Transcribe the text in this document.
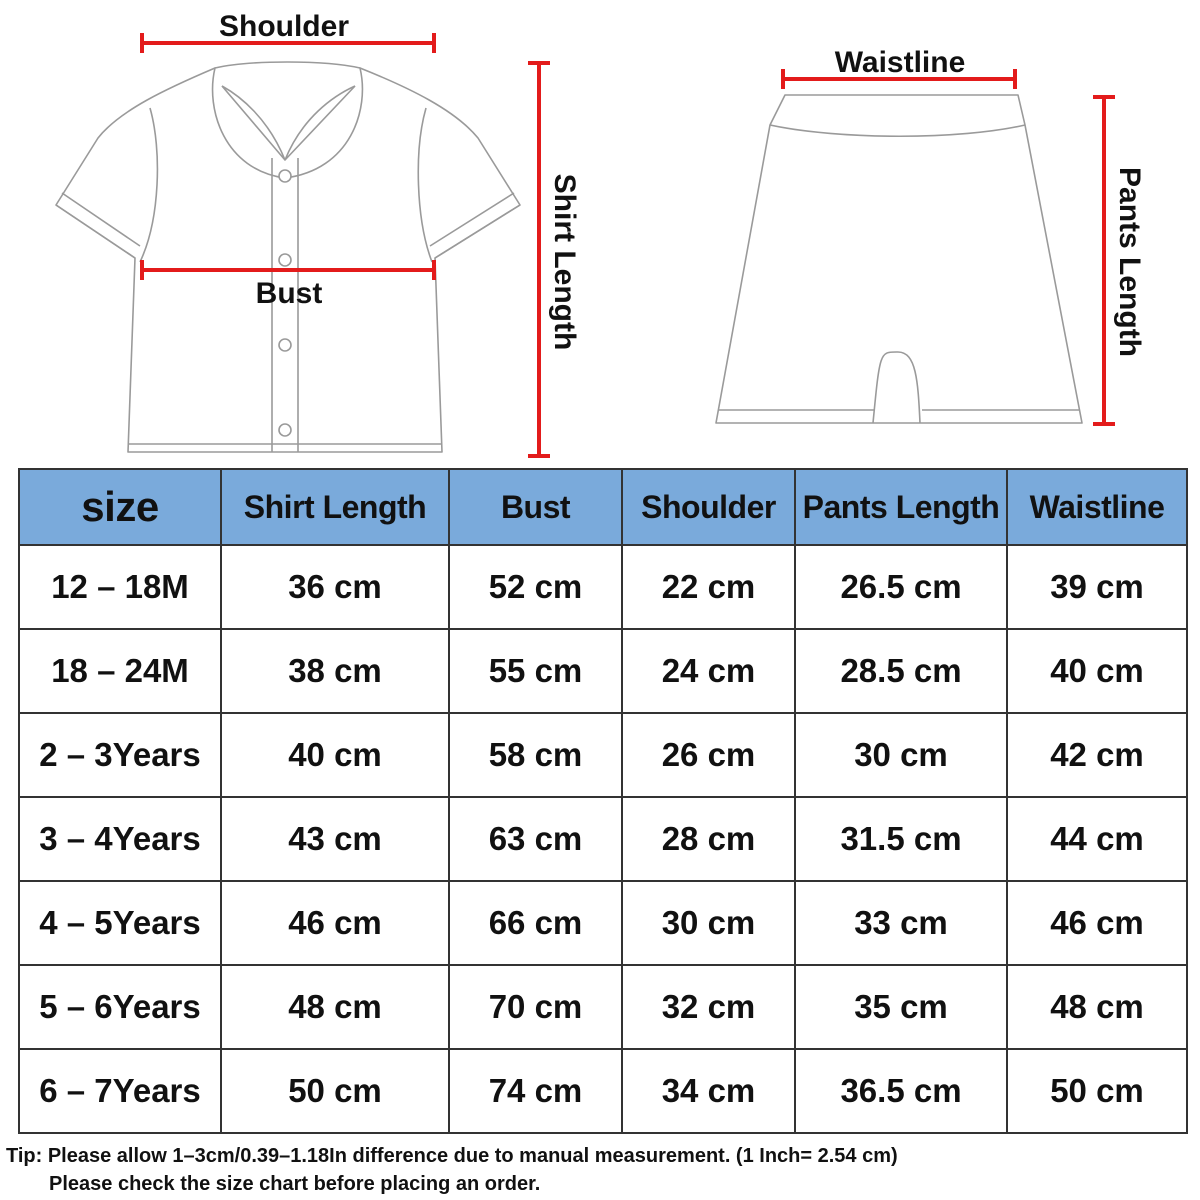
Shoulder
Bust	Shirt Length
Waistline
Pants Length
size	Shirt Length	Bust	Shoulder	Pants Length	Waistline
12 – 18M	36 cm	52 cm	22 cm	26.5 cm	39 cm
18 – 24M	38 cm	55 cm	24 cm	28.5 cm	40 cm
2 – 3Years	40 cm	58 cm	26 cm	30 cm	42 cm
3 – 4Years	43 cm	63 cm	28 cm	31.5 cm	44 cm
4 – 5Years	46 cm	66 cm	30 cm	33 cm	46 cm
5 – 6Years	48 cm	70 cm	32 cm	35 cm	48 cm
6 – 7Years	50 cm	74 cm	34 cm	36.5 cm	50 cm
Tip: Please allow 1–3cm/0.39–1.18In difference due to manual measurement. (1 Inch= 2.54 cm)
Please check the size chart before placing an order.
